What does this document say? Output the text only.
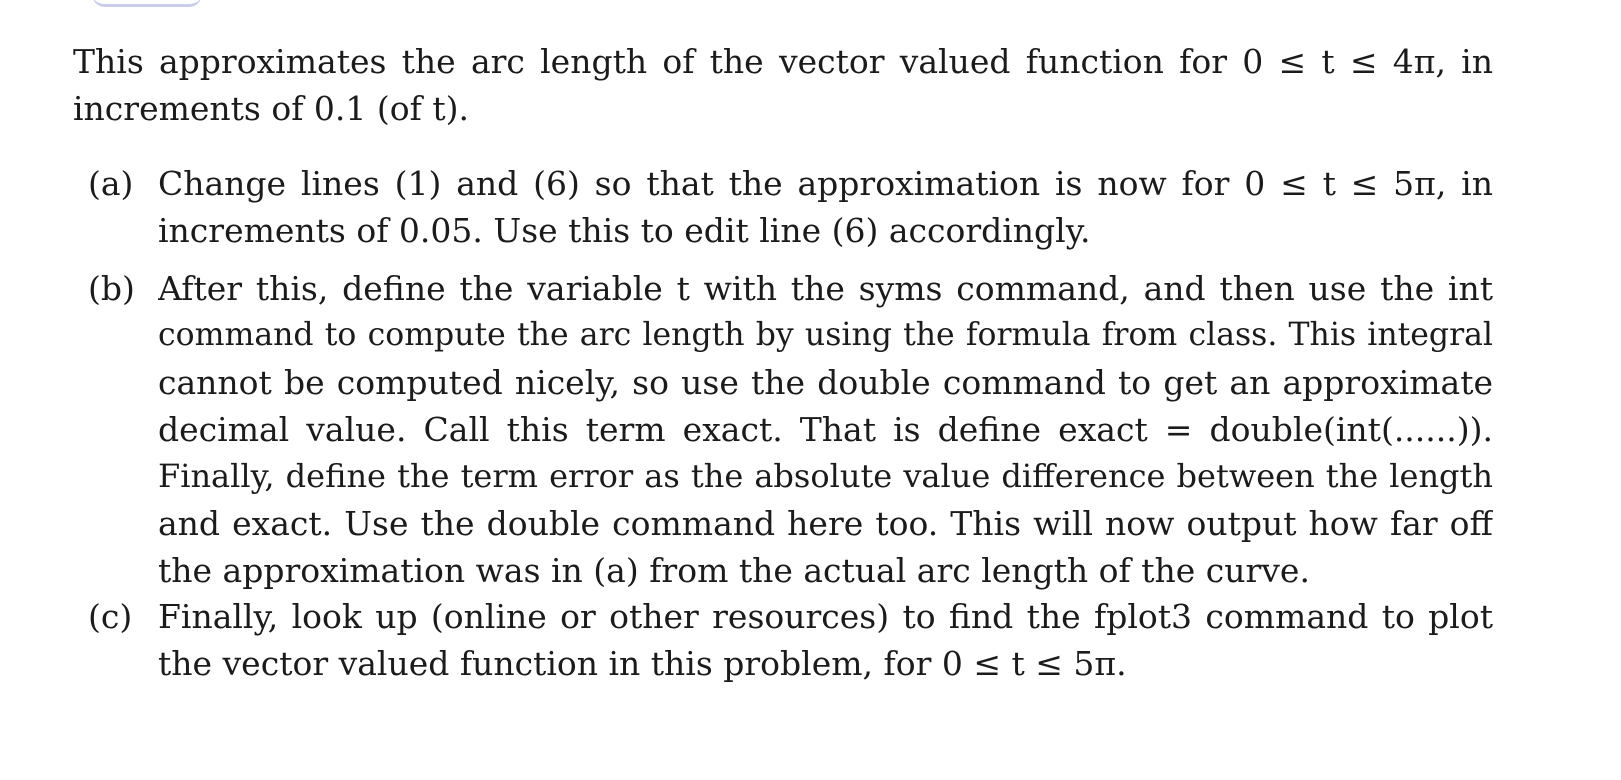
This approximates the arc length of the vector valued function for 0 ≤ t ≤ 4π, in
increments of 0.1 (of t).
(a) Change lines (1) and (6) so that the approximation is now for 0 ≤ t ≤ 5π, in
increments of 0.05. Use this to edit line (6) accordingly.
(b) After this, define the variable t with the syms command, and then use the int
command to compute the arc length by using the formula from class. This integral
cannot be computed nicely, so use the double command to get an approximate
decimal value. Call this term exact. That is define exact = double(int(......)).
Finally, define the term error as the absolute value difference between the length
and exact. Use the double command here too. This will now output how far off
the approximation was in (a) from the actual arc length of the curve.
(c) Finally, look up (online or other resources) to find the fplot3 command to plot
the vector valued function in this problem, for 0 ≤ t ≤ 5π.
